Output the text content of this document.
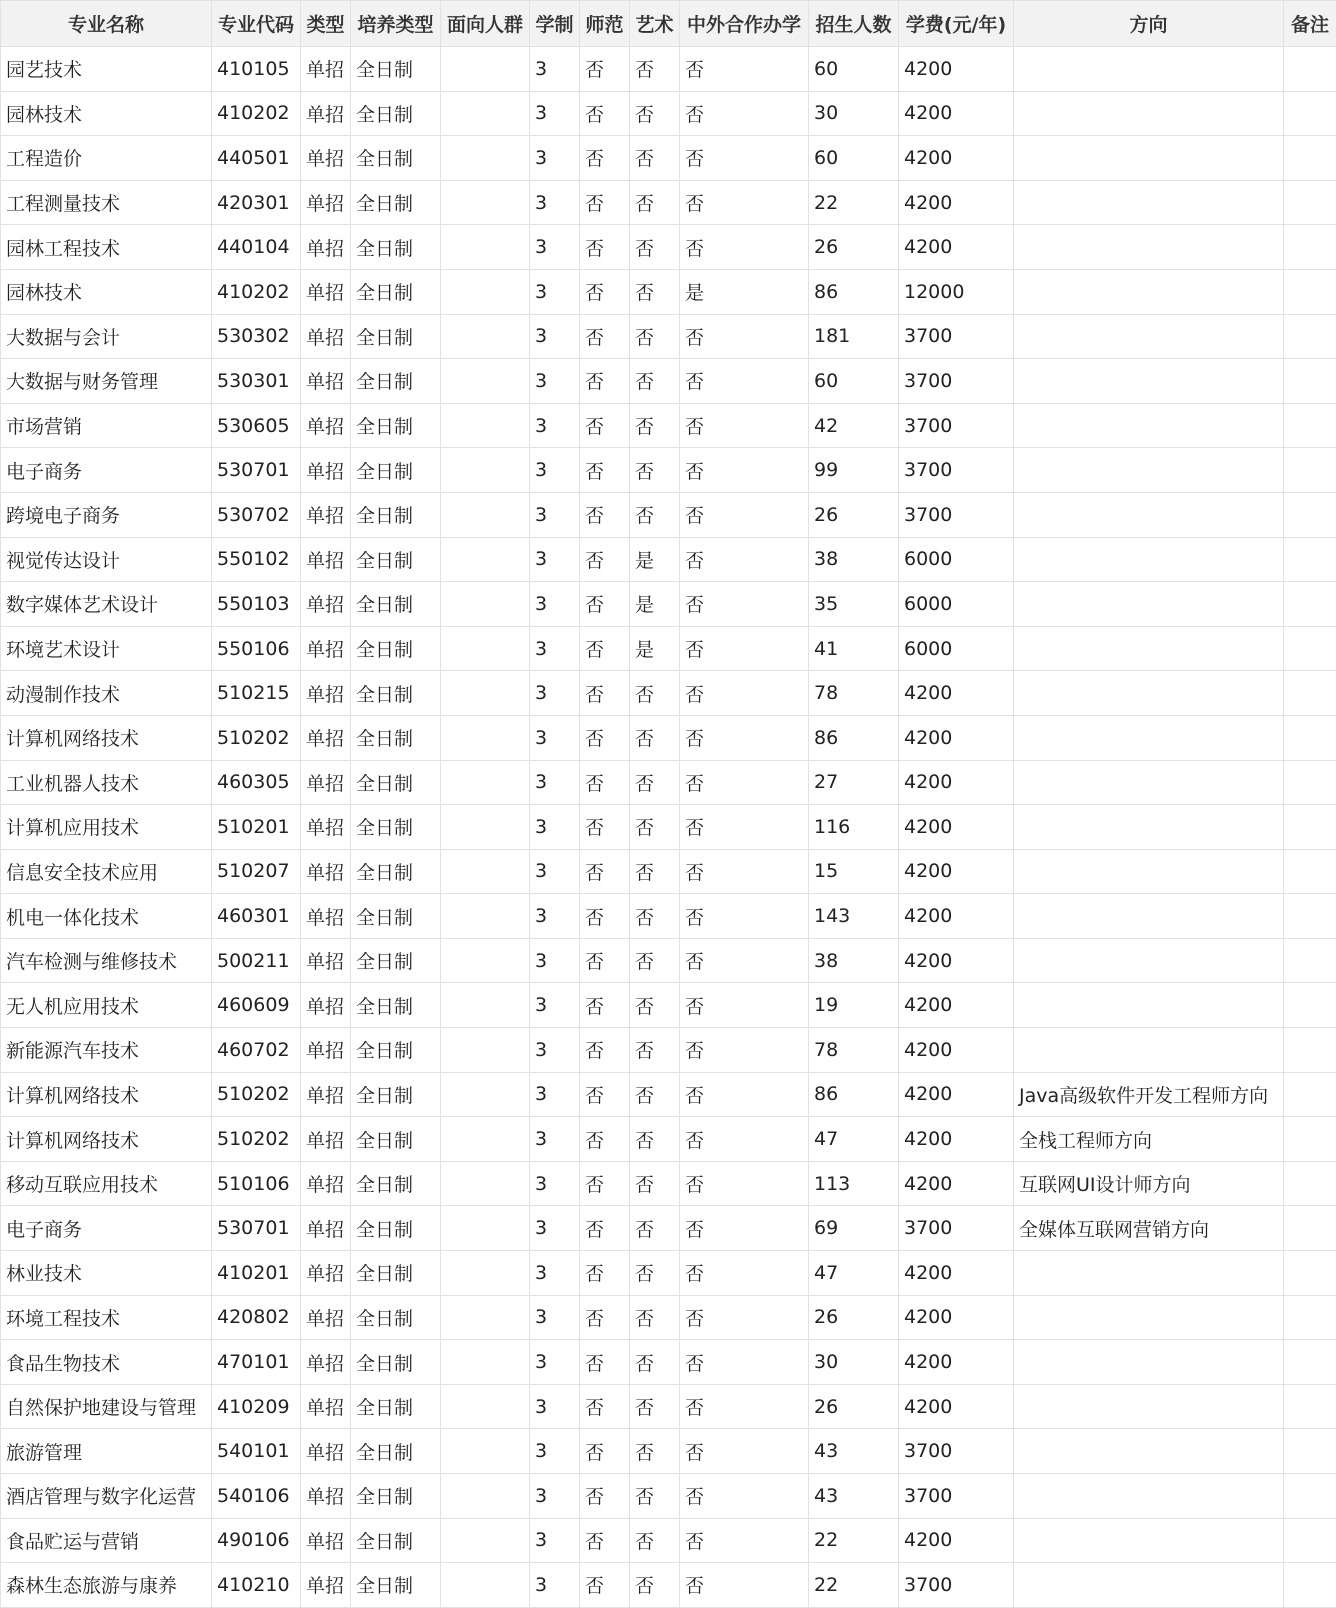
专业名称	专业代码	类型	培养类型	面向人群	学制	师范	艺术	中外合作办学	招生人数	学费(元/年)	方向	备注
园艺技术	410105	单招	全日制		3	否	否	否	60	4200		
园林技术	410202	单招	全日制		3	否	否	否	30	4200		
工程造价	440501	单招	全日制		3	否	否	否	60	4200		
工程测量技术	420301	单招	全日制		3	否	否	否	22	4200		
园林工程技术	440104	单招	全日制		3	否	否	否	26	4200		
园林技术	410202	单招	全日制		3	否	否	是	86	12000		
大数据与会计	530302	单招	全日制		3	否	否	否	181	3700		
大数据与财务管理	530301	单招	全日制		3	否	否	否	60	3700		
市场营销	530605	单招	全日制		3	否	否	否	42	3700		
电子商务	530701	单招	全日制		3	否	否	否	99	3700		
跨境电子商务	530702	单招	全日制		3	否	否	否	26	3700		
视觉传达设计	550102	单招	全日制		3	否	是	否	38	6000		
数字媒体艺术设计	550103	单招	全日制		3	否	是	否	35	6000		
环境艺术设计	550106	单招	全日制		3	否	是	否	41	6000		
动漫制作技术	510215	单招	全日制		3	否	否	否	78	4200		
计算机网络技术	510202	单招	全日制		3	否	否	否	86	4200		
工业机器人技术	460305	单招	全日制		3	否	否	否	27	4200		
计算机应用技术	510201	单招	全日制		3	否	否	否	116	4200		
信息安全技术应用	510207	单招	全日制		3	否	否	否	15	4200		
机电一体化技术	460301	单招	全日制		3	否	否	否	143	4200		
汽车检测与维修技术	500211	单招	全日制		3	否	否	否	38	4200		
无人机应用技术	460609	单招	全日制		3	否	否	否	19	4200		
新能源汽车技术	460702	单招	全日制		3	否	否	否	78	4200		
计算机网络技术	510202	单招	全日制		3	否	否	否	86	4200	Java高级软件开发工程师方向	
计算机网络技术	510202	单招	全日制		3	否	否	否	47	4200	全栈工程师方向	
移动互联应用技术	510106	单招	全日制		3	否	否	否	113	4200	互联网UI设计师方向	
电子商务	530701	单招	全日制		3	否	否	否	69	3700	全媒体互联网营销方向	
林业技术	410201	单招	全日制		3	否	否	否	47	4200		
环境工程技术	420802	单招	全日制		3	否	否	否	26	4200		
食品生物技术	470101	单招	全日制		3	否	否	否	30	4200		
自然保护地建设与管理	410209	单招	全日制		3	否	否	否	26	4200		
旅游管理	540101	单招	全日制		3	否	否	否	43	3700		
酒店管理与数字化运营	540106	单招	全日制		3	否	否	否	43	3700		
食品贮运与营销	490106	单招	全日制		3	否	否	否	22	4200		
森林生态旅游与康养	410210	单招	全日制		3	否	否	否	22	3700		
